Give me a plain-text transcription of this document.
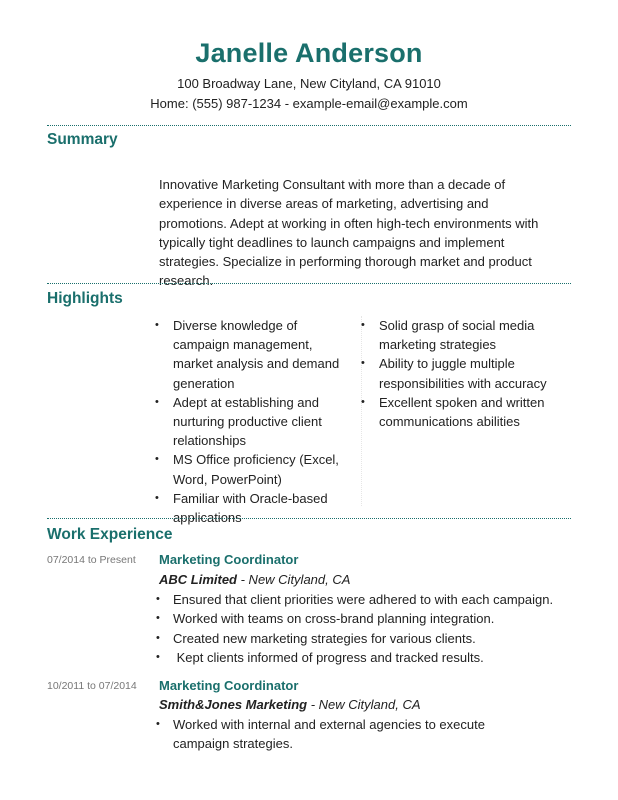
Janelle Anderson
100 Broadway Lane, New Cityland, CA 91010
Home: (555) 987-1234 - example-email@example.com
Summary
Innovative Marketing Consultant with more than a decade of experience in diverse areas of marketing, advertising and promotions. Adept at working in often high-tech environments with typically tight deadlines to launch campaigns and implement strategies. Specialize in performing thorough market and product research.
Highlights
• Diverse knowledge of campaign management, market analysis and demand generation
• Adept at establishing and nurturing productive client relationships
• MS Office proficiency (Excel, Word, PowerPoint)
• Familiar with Oracle-based applications
• Solid grasp of social media marketing strategies
• Ability to juggle multiple responsibilities with accuracy
• Excellent spoken and written communications abilities
Work Experience
07/2014 to Present Marketing Coordinator
ABC Limited - New Cityland, CA
• Ensured that client priorities were adhered to with each campaign.
• Worked with teams on cross-brand planning integration.
• Created new marketing strategies for various clients.
•  Kept clients informed of progress and tracked results.
10/2011 to 07/2014 Marketing Coordinator
Smith&Jones Marketing - New Cityland, CA
• Worked with internal and external agencies to execute campaign strategies.
